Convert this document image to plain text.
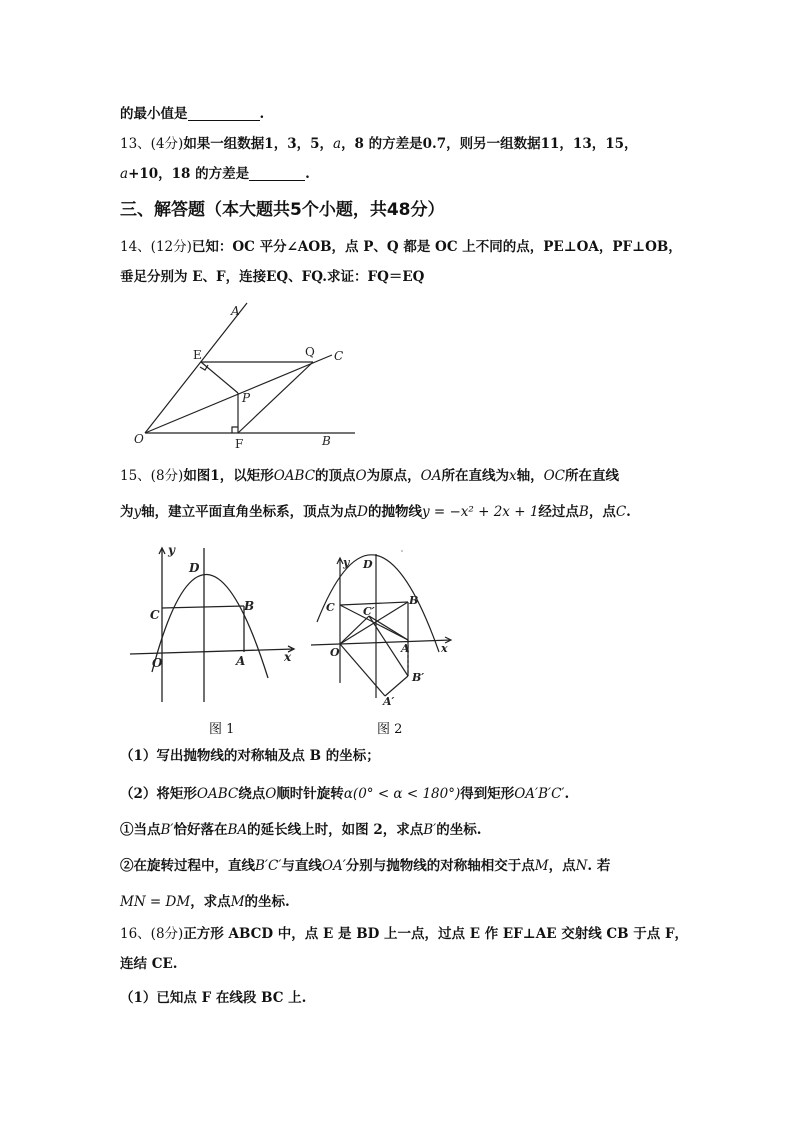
的最小值是	.
13、(4分)如果一组数据1，3，5，a，8 的方差是0.7，则另一组数据11，13，15，
a+10，18 的方差是	.
三、解答题（本大题共5个小题，共48分）
14、(12分)已知：OC 平分∠AOB，点 P、Q 都是 OC 上不同的点，PE⊥OA，PF⊥OB，
垂足分别为 E、F，连接EQ、FQ.求证：FQ＝EQ
A
E	Q C
P
O	F	B
15、(8分)如图1，以矩形OABC的顶点O为原点，OA所在直线为x轴，OC所在直线
为y轴，建立平面直角坐标系，顶点为点D的抛物线y = −x² + 2x + 1经过点B，点C.
y
D
C
B
O	A	x
y D
C	C′
B
O	A
B′
A′
x
图 1	图 2
（1）写出抛物线的对称轴及点 B 的坐标；
（2）将矩形OABC绕点O顺时针旋转α(0° < α < 180°)得到矩形OA′B′C′.
①当点B′恰好落在BA的延长线上时，如图 2，求点B′的坐标.
②在旋转过程中，直线B′C′与直线OA′分别与抛物线的对称轴相交于点M，点N. 若
MN = DM，求点M的坐标.
16、(8分)正方形 ABCD 中，点 E 是 BD 上一点，过点 E 作 EF⊥AE 交射线 CB 于点 F，
连结 CE.
（1）已知点 F 在线段 BC 上.
